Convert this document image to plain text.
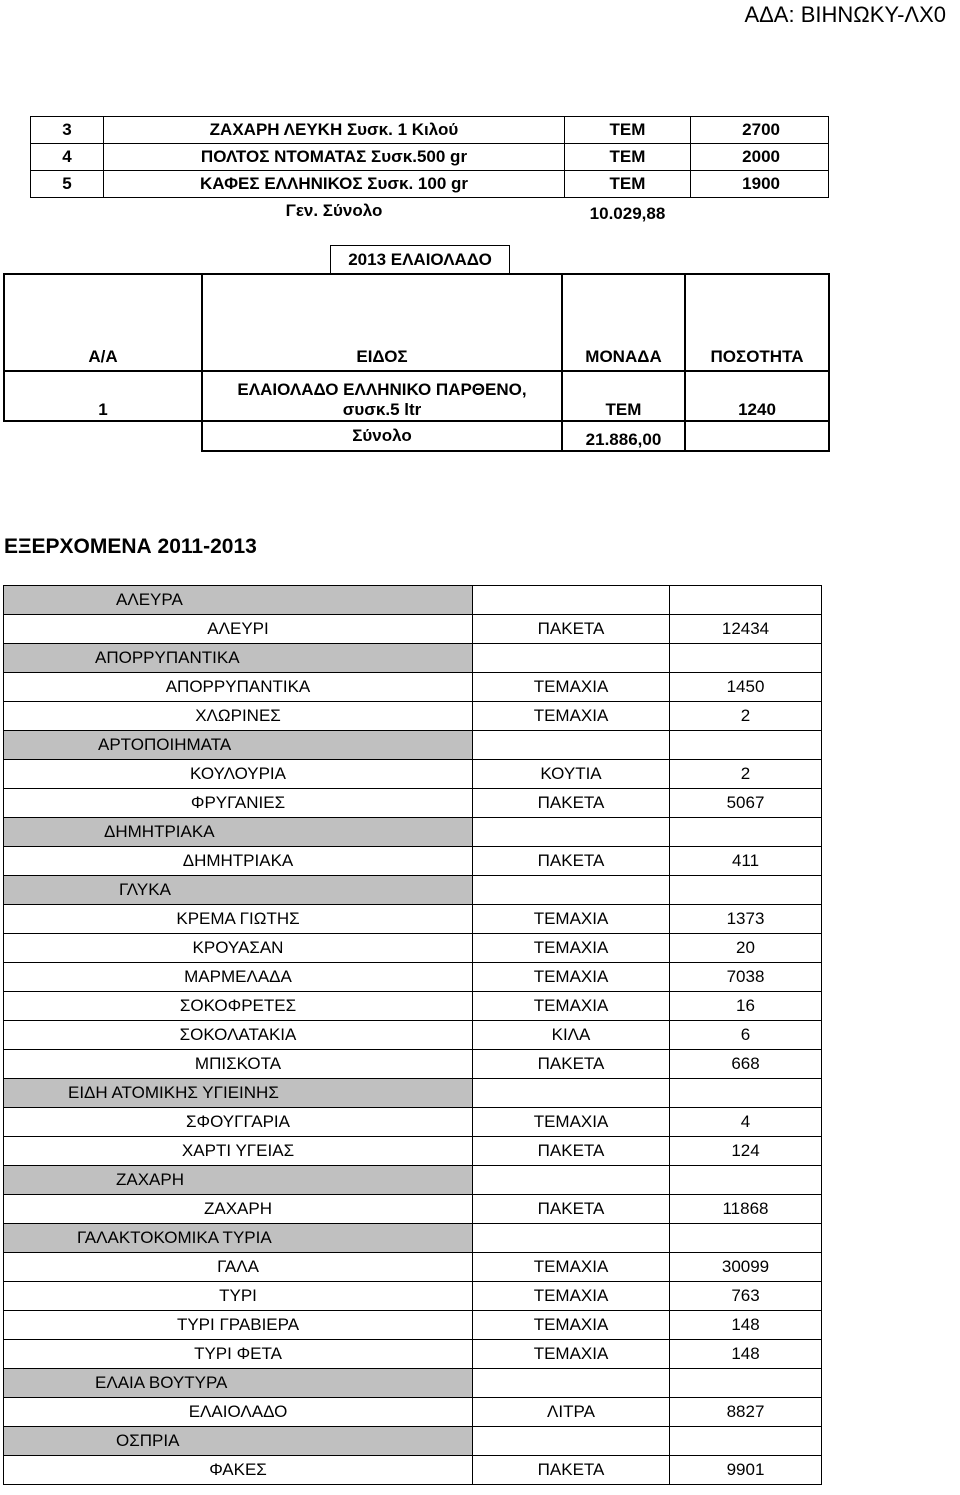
ΑΔΑ: ΒΙΗΝΩΚΥ-ΛΧ0
3	ΖΑΧΑΡΗ ΛΕΥΚΗ Συσκ. 1 Κιλού	ΤΕΜ	2700
4	ΠΟΛΤΟΣ ΝΤΟΜΑΤΑΣ Συσκ.500 gr	ΤΕΜ	2000
5	ΚΑΦΕΣ ΕΛΛΗΝΙΚΟΣ Συσκ. 100 gr	ΤΕΜ	1900
	Γεν. Σύνολο	10.029,88	
2013 ΕΛΑΙΟΛΑΔΟ
Α/Α	ΕΙΔΟΣ	ΜΟΝΑΔΑ	ΠΟΣΟΤΗΤΑ
1	ΕΛΑΙΟΛΑΔΟ ΕΛΛΗΝΙΚΟ ΠΑΡΘΕΝΟ,
συσκ.5 ltr	ΤΕΜ	1240
	Σύνολο	21.886,00	
ΕΞΕΡΧΟΜΕΝΑ 2011-2013
ΑΛΕΥΡΑ		
ΑΛΕΥΡΙ	ΠΑΚΕΤΑ	12434
ΑΠΟΡΡΥΠΑΝΤΙΚΑ		
ΑΠΟΡΡΥΠΑΝΤΙΚΑ	ΤΕΜΑΧΙΑ	1450
ΧΛΩΡΙΝΕΣ	ΤΕΜΑΧΙΑ	2
ΑΡΤΟΠΟΙΗΜΑΤΑ		
ΚΟΥΛΟΥΡΙΑ	ΚΟΥΤΙΑ	2
ΦΡΥΓΑΝΙΕΣ	ΠΑΚΕΤΑ	5067
ΔΗΜΗΤΡΙΑΚΑ		
ΔΗΜΗΤΡΙΑΚΑ	ΠΑΚΕΤΑ	411
ΓΛΥΚΑ		
ΚΡΕΜΑ ΓΙΩΤΗΣ	ΤΕΜΑΧΙΑ	1373
ΚΡΟΥΑΣΑΝ	ΤΕΜΑΧΙΑ	20
ΜΑΡΜΕΛΑΔΑ	ΤΕΜΑΧΙΑ	7038
ΣΟΚΟΦΡΕΤΕΣ	ΤΕΜΑΧΙΑ	16
ΣΟΚΟΛΑΤΑΚΙΑ	ΚΙΛΑ	6
ΜΠΙΣΚΟΤΑ	ΠΑΚΕΤΑ	668
ΕΙΔΗ ΑΤΟΜΙΚΗΣ ΥΓΙΕΙΝΗΣ		
ΣΦΟΥΓΓΑΡΙΑ	ΤΕΜΑΧΙΑ	4
ΧΑΡΤΙ ΥΓΕΙΑΣ	ΠΑΚΕΤΑ	124
ΖΑΧΑΡΗ		
ΖΑΧΑΡΗ	ΠΑΚΕΤΑ	11868
ΓΑΛΑΚΤΟΚΟΜΙΚΑ ΤΥΡΙΑ		
ΓΑΛΑ	ΤΕΜΑΧΙΑ	30099
ΤΥΡΙ	ΤΕΜΑΧΙΑ	763
ΤΥΡΙ ΓΡΑΒΙΕΡΑ	ΤΕΜΑΧΙΑ	148
ΤΥΡΙ ΦΕΤΑ	ΤΕΜΑΧΙΑ	148
ΕΛΑΙΑ ΒΟΥΤΥΡΑ		
ΕΛΑΙΟΛΑΔΟ	ΛΙΤΡΑ	8827
ΟΣΠΡΙΑ		
ΦΑΚΕΣ	ΠΑΚΕΤΑ	9901
